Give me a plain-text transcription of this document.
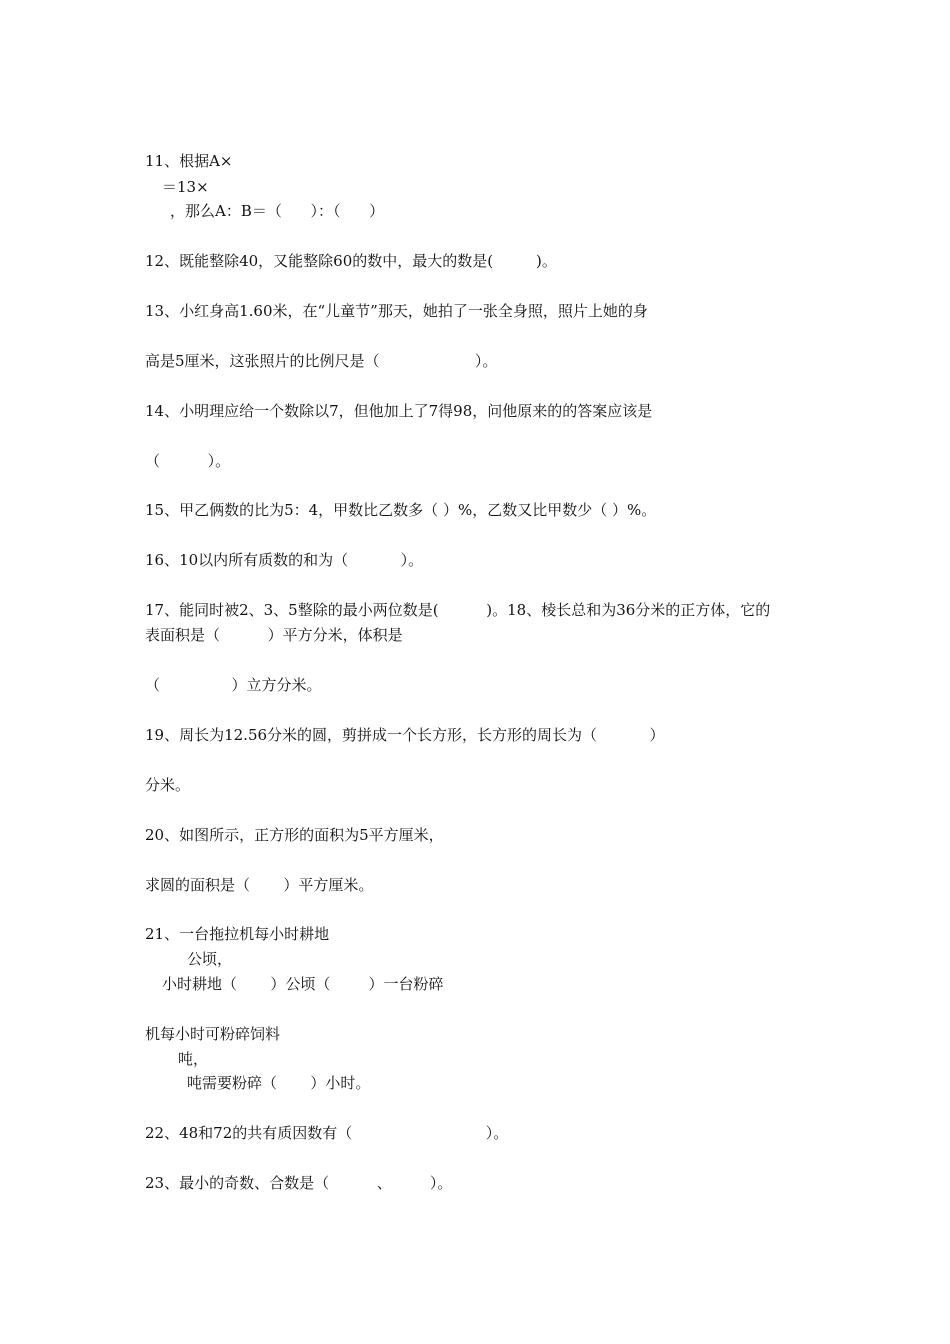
11、根据A×
＝13×
，那么A：B＝（      ）：（      ）
12、既能整除40，又能整除60的数中，最大的数是(         )。
13、小红身高1.60米，在“儿童节”那天，她拍了一张全身照，照片上她的身
高是5厘米，这张照片的比例尺是（                    ）。
14、小明理应给一个数除以7，但他加上了7得98，问他原来的的答案应该是
（          ）。
15、甲乙俩数的比为5：4，甲数比乙数多（ ）%，乙数又比甲数少（ ）%。
16、10以内所有质数的和为（           ）。
17、能同时被2、3、5整除的最小两位数是(          )。18、棱长总和为36分米的正方体，它的
表面积是（          ）平方分米，体积是
（               ）立方分米。
19、周长为12.56分米的圆，剪拼成一个长方形，长方形的周长为（           ）
分米。
20、如图所示，正方形的面积为5平方厘米，
求圆的面积是（       ）平方厘米。
21、一台拖拉机每小时耕地
公顷，
小时耕地（       ）公顷（        ）一台粉碎
机每小时可粉碎饲料
吨，
吨需要粉碎（       ）小时。
22、48和72的共有质因数有（                            ）。
23、最小的奇数、合数是（          、        ）。
